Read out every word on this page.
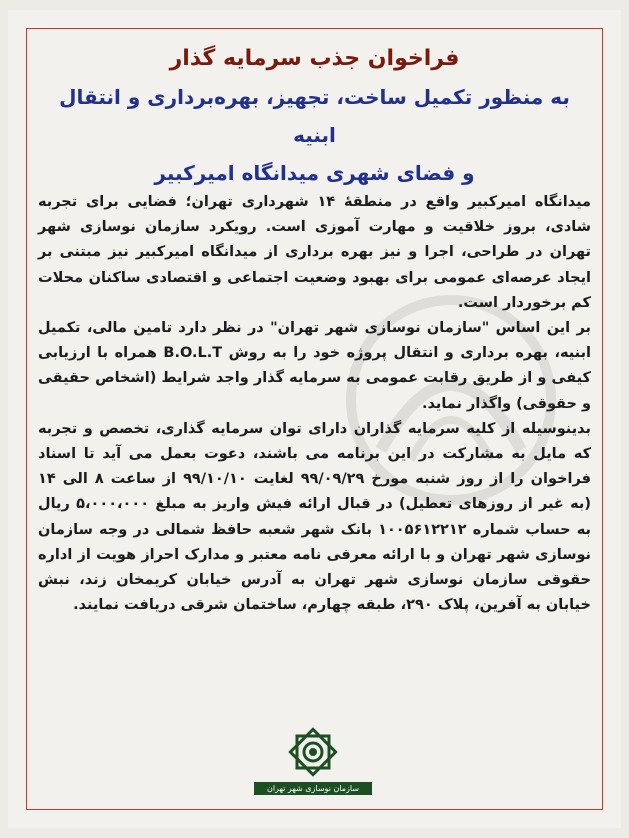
فراخوان جذب سرمایه گذار
به منظور تکمیل ساخت، تجهیز، بهره‌برداری و انتقال ابنیه
و فضای شهری میدانگاه امیرکبیر

میدانگاه امیرکبیر واقع در منطقهٔ ۱۴ شهرداری تهران؛ فضایی برای تجربه شادی، بروز خلاقیت و مهارت آموزی است. رویکرد سازمان نوسازی شهر تهران در طراحی، اجرا و نیز بهره برداری از میدانگاه امیرکبیر نیز مبتنی بر ایجاد عرصه‌ای عمومی برای بهبود وضعیت اجتماعی و اقتصادی ساکنان محلات کم برخوردار است.

بر این اساس "سازمان نوسازی شهر تهران" در نظر دارد تامین مالی، تکمیل ابنیه، بهره برداری و انتقال پروژه خود را به روش B.O.L.T همراه با ارزیابی کیفی و از طریق رقابت عمومی به سرمایه گذار واجد شرایط (اشخاص حقیقی و حقوقی) واگذار نماید.

بدینوسیله از کلیه سرمایه گذاران دارای توان سرمایه گذاری، تخصص و تجربه که مایل به مشارکت در این برنامه می باشند، دعوت بعمل می آید تا اسناد فراخوان را از روز شنبه مورخ ۹۹/۰۹/۲۹ لغایت ۹۹/۱۰/۱۰ از ساعت ۸ الی ۱۴ (به غیر از روزهای تعطیل) در قبال ارائه فیش واریز به مبلغ ۵،۰۰۰،۰۰۰ ریال به حساب شماره ۱۰۰۵۶۱۲۲۱۲ بانک شهر شعبه حافظ شمالی در وجه سازمان نوسازی شهر تهران و با ارائه معرفی نامه معتبر و مدارک احراز هویت از اداره حقوقی سازمان نوسازی شهر تهران به آدرس خیابان کریمخان زند، نبش خیابان به آفرین، پلاک ۲۹۰، طبقه چهارم، ساختمان شرقی دریافت نمایند.

سازمان نوسازی شهر تهران
